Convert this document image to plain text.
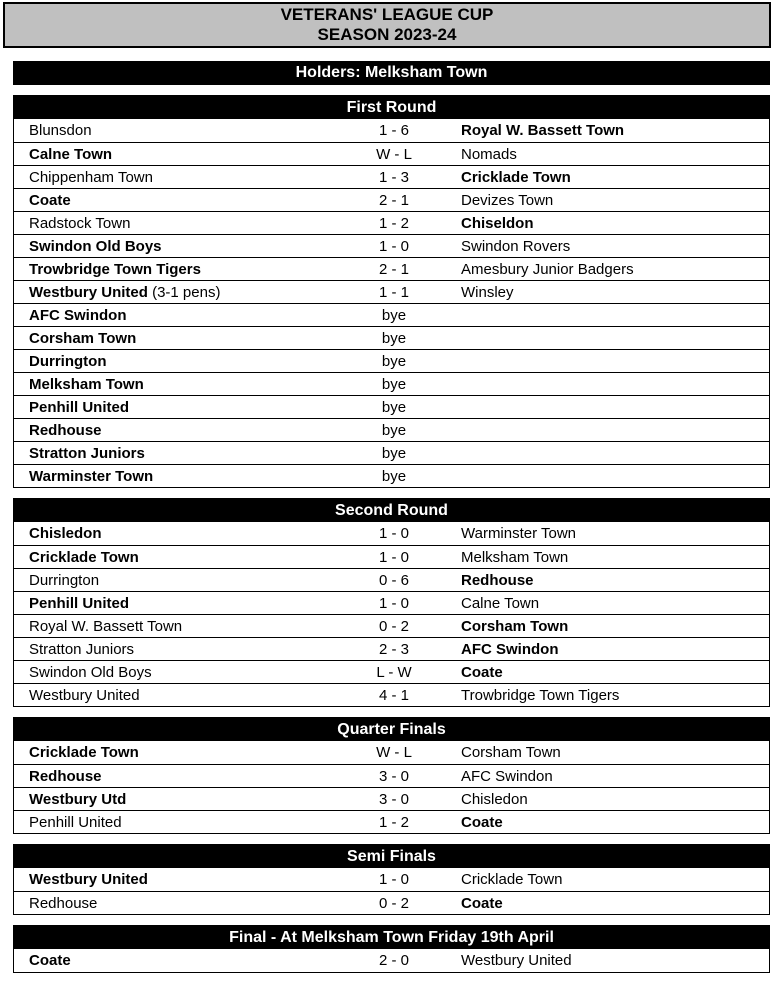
VETERANS' LEAGUE CUP
SEASON 2023-24
Holders: Melksham Town
First Round
Blunsdon	1 - 6	Royal W. Bassett Town
Calne Town	W - L	Nomads
Chippenham Town	1 - 3	Cricklade Town
Coate	2 - 1	Devizes Town
Radstock Town	1 - 2	Chiseldon
Swindon Old Boys	1 - 0	Swindon Rovers
Trowbridge Town Tigers	2 - 1	Amesbury Junior Badgers
Westbury United (3-1 pens)	1 - 1	Winsley
AFC Swindon	bye
Corsham Town	bye
Durrington	bye
Melksham Town	bye
Penhill United	bye
Redhouse	bye
Stratton Juniors	bye
Warminster Town	bye
Second Round
Chisledon	1 - 0	Warminster Town
Cricklade Town	1 - 0	Melksham Town
Durrington	0 - 6	Redhouse
Penhill United	1 - 0	Calne Town
Royal W. Bassett Town	0 - 2	Corsham Town
Stratton Juniors	2 - 3	AFC Swindon
Swindon Old Boys	L - W	Coate
Westbury United	4 - 1	Trowbridge Town Tigers
Quarter Finals
Cricklade Town	W - L	Corsham Town
Redhouse	3 - 0	AFC Swindon
Westbury Utd	3 - 0	Chisledon
Penhill United	1 - 2	Coate
Semi Finals
Westbury United	1 - 0	Cricklade Town
Redhouse	0 - 2	Coate
Final - At Melksham Town Friday 19th April
Coate	2 - 0	Westbury United
